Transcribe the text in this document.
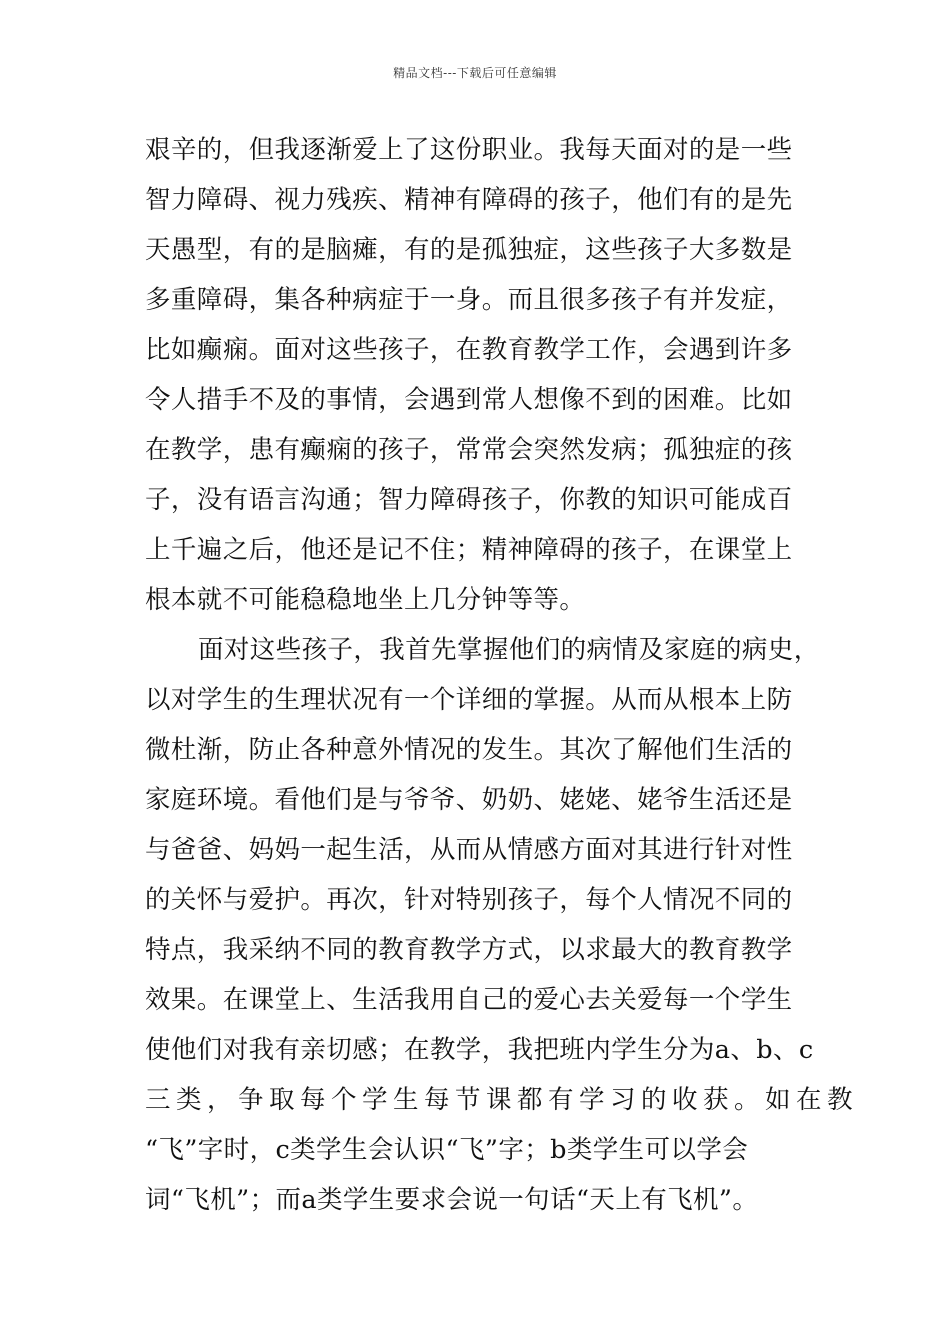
精品文档---下载后可任意编辑
艰辛的，但我逐渐爱上了这份职业。我每天面对的是一些
智力障碍、视力残疾、精神有障碍的孩子，他们有的是先
天愚型，有的是脑瘫，有的是孤独症，这些孩子大多数是
多重障碍，集各种病症于一身。而且很多孩子有并发症，
比如癫痫。面对这些孩子，在教育教学工作，会遇到许多
令人措手不及的事情，会遇到常人想像不到的困难。比如
在教学，患有癫痫的孩子，常常会突然发病；孤独症的孩
子，没有语言沟通；智力障碍孩子，你教的知识可能成百
上千遍之后，他还是记不住；精神障碍的孩子，在课堂上
根本就不可能稳稳地坐上几分钟等等。
面对这些孩子，我首先掌握他们的病情及家庭的病史，
以对学生的生理状况有一个详细的掌握。从而从根本上防
微杜渐，防止各种意外情况的发生。其次了解他们生活的
家庭环境。看他们是与爷爷、奶奶、姥姥、姥爷生活还是
与爸爸、妈妈一起生活，从而从情感方面对其进行针对性
的关怀与爱护。再次，针对特别孩子，每个人情况不同的
特点，我采纳不同的教育教学方式，以求最大的教育教学
效果。在课堂上、生活我用自己的爱心去关爱每一个学生
使他们对我有亲切感；在教学，我把班内学生分为a、b、c
三类，争取每个学生每节课都有学习的收获。如在教
“飞”字时，c类学生会认识“飞”字；b类学生可以学会
词“飞机”；而a类学生要求会说一句话“天上有飞机”。
